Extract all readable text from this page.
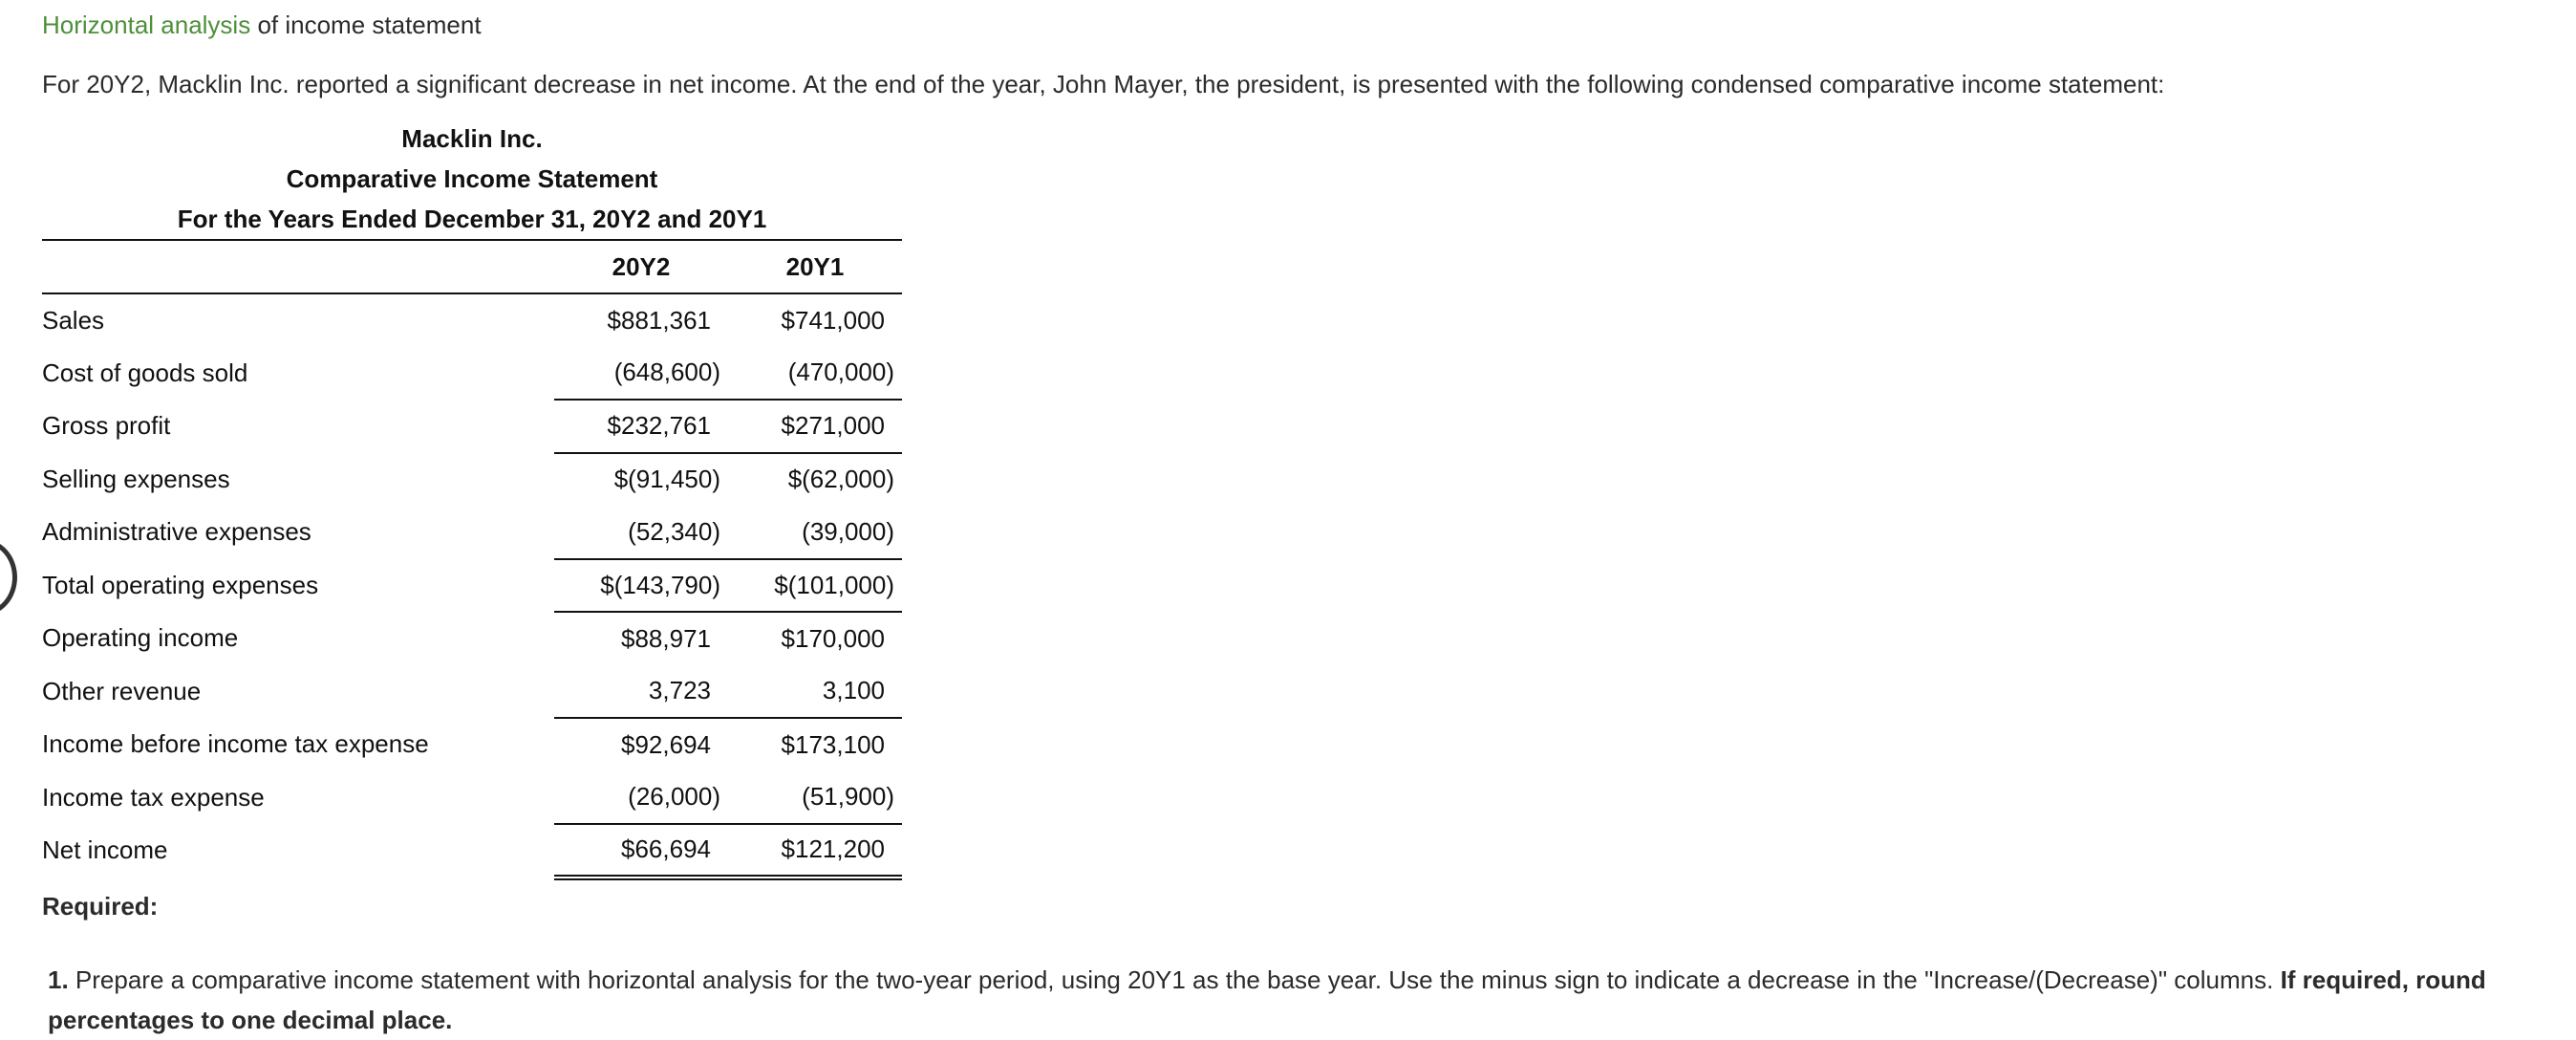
Horizontal analysis of income statement
For 20Y2, Macklin Inc. reported a significant decrease in net income. At the end of the year, John Mayer, the president, is presented with the following condensed comparative income statement:
Macklin Inc.
Comparative Income Statement
For the Years Ended December 31, 20Y2 and 20Y1
	20Y2	20Y1
Sales	$881,361	$741,000
Cost of goods sold	(648,600)	(470,000)
Gross profit	$232,761	$271,000
Selling expenses	$(91,450)	$(62,000)
Administrative expenses	(52,340)	(39,000)
Total operating expenses	$(143,790)	$(101,000)
Operating income	$88,971	$170,000
Other revenue	3,723	3,100
Income before income tax expense	$92,694	$173,100
Income tax expense	(26,000)	(51,900)
Net income	$66,694	$121,200
Required:
1. Prepare a comparative income statement with horizontal analysis for the two-year period, using 20Y1 as the base year. Use the minus sign to indicate a decrease in the "Increase/(Decrease)" columns. If required, round percentages to one decimal place.
